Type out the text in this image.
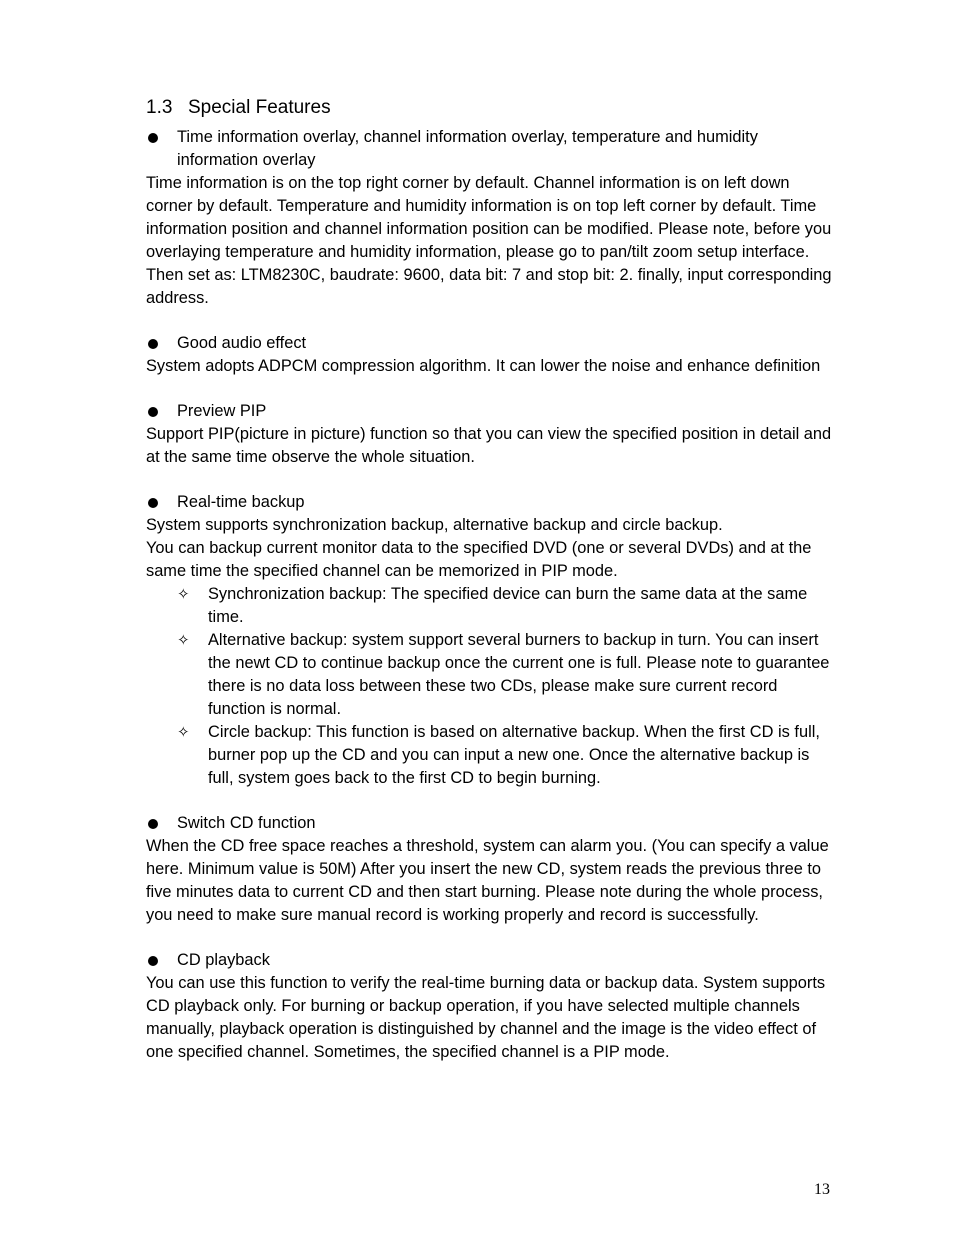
1.3 Special Features
Time information overlay, channel information overlay, temperature and humidity information overlay

Time information is on the top right corner by default. Channel information is on left down corner by default. Temperature and humidity information is on top left corner by default. Time information position and channel information position can be modified. Please note, before you overlaying temperature and humidity information, please go to pan/tilt zoom setup interface. Then set as: LTM8230C, baudrate: 9600, data bit: 7 and stop bit: 2. finally, input corresponding address.

Good audio effect

System adopts ADPCM compression algorithm. It can lower the noise and enhance definition

Preview PIP

Support PIP(picture in picture) function so that you can view the specified position in detail and at the same time observe the whole situation.

Real-time backup

System supports synchronization backup, alternative backup and circle backup.

You can backup current monitor data to the specified DVD (one or several DVDs) and at the same time the specified channel can be memorized in PIP mode.

✧ Synchronization backup: The specified device can burn the same data at the same time.
✧ Alternative backup: system support several burners to backup in turn. You can insert the newt CD to continue backup once the current one is full. Please note to guarantee there is no data loss between these two CDs, please make sure current record function is normal.
✧ Circle backup: This function is based on alternative backup. When the first CD is full, burner pop up the CD and you can input a new one. Once the alternative backup is full, system goes back to the first CD to begin burning.
Switch CD function

When the CD free space reaches a threshold, system can alarm you. (You can specify a value here. Minimum value is 50M) After you insert the new CD, system reads the previous three to five minutes data to current CD and then start burning. Please note during the whole process, you need to make sure manual record is working properly and record is successfully.

CD playback

You can use this function to verify the real-time burning data or backup data. System supports CD playback only. For burning or backup operation, if you have selected multiple channels manually, playback operation is distinguished by channel and the image is the video effect of one specified channel. Sometimes, the specified channel is a PIP mode.

13
